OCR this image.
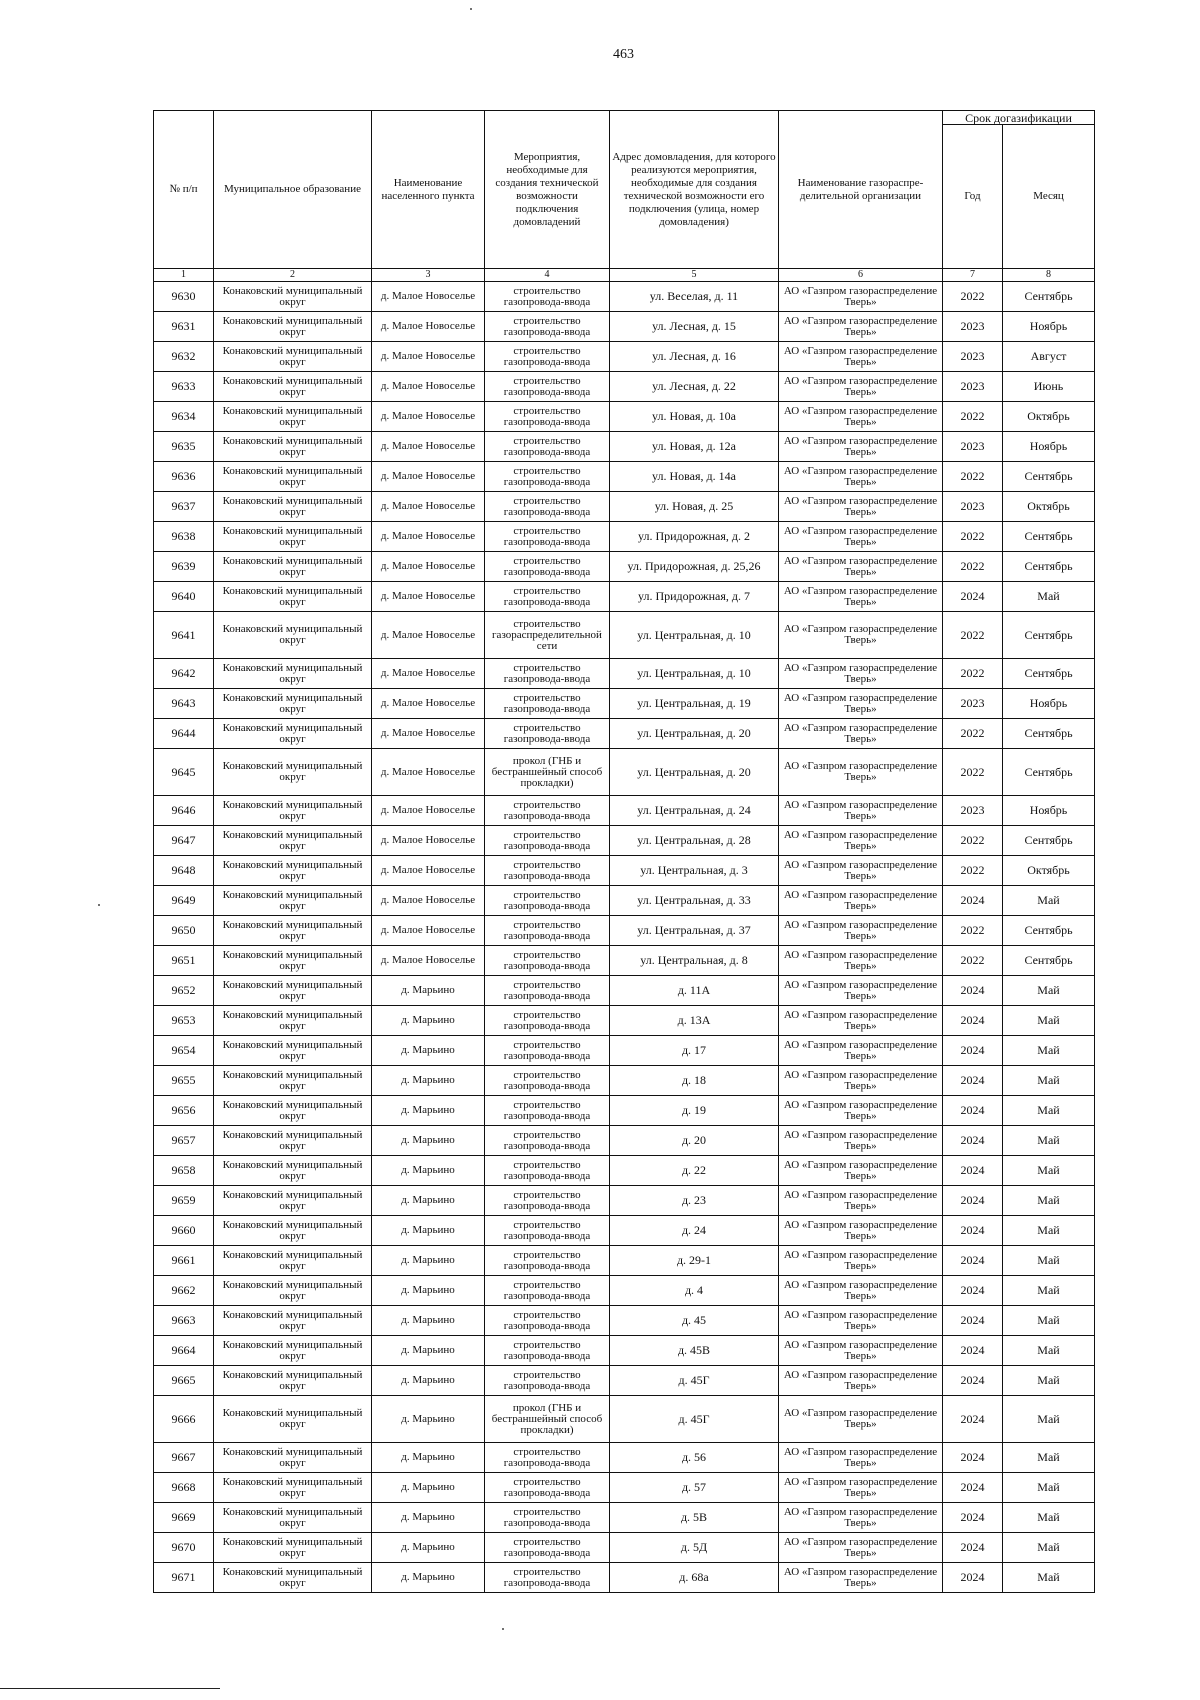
463
№ п/п	Муниципальное образование	Наименование населенного пункта	Мероприятия, необходимые для создания технической возможности подключения домовладений	Адрес домовладения, для которого реализуются мероприятия, необходимые для создания технической возможности его подключения (улица, номер домовладения)	Наименование газораспре-делительной организации	Срок догазификации	
						Год	Месяц
1	2	3	4	5	6	7	8
9630	Конаковский муниципальный округ	д. Малое Новоселье	строительство газопровода-ввода	ул. Веселая, д. 11	АО «Газпром газораспределение Тверь»	2022	Сентябрь
9631	Конаковский муниципальный округ	д. Малое Новоселье	строительство газопровода-ввода	ул. Лесная, д. 15	АО «Газпром газораспределение Тверь»	2023	Ноябрь
9632	Конаковский муниципальный округ	д. Малое Новоселье	строительство газопровода-ввода	ул. Лесная, д. 16	АО «Газпром газораспределение Тверь»	2023	Август
9633	Конаковский муниципальный округ	д. Малое Новоселье	строительство газопровода-ввода	ул. Лесная, д. 22	АО «Газпром газораспределение Тверь»	2023	Июнь
9634	Конаковский муниципальный округ	д. Малое Новоселье	строительство газопровода-ввода	ул. Новая, д. 10а	АО «Газпром газораспределение Тверь»	2022	Октябрь
9635	Конаковский муниципальный округ	д. Малое Новоселье	строительство газопровода-ввода	ул. Новая, д. 12а	АО «Газпром газораспределение Тверь»	2023	Ноябрь
9636	Конаковский муниципальный округ	д. Малое Новоселье	строительство газопровода-ввода	ул. Новая, д. 14а	АО «Газпром газораспределение Тверь»	2022	Сентябрь
9637	Конаковский муниципальный округ	д. Малое Новоселье	строительство газопровода-ввода	ул. Новая, д. 25	АО «Газпром газораспределение Тверь»	2023	Октябрь
9638	Конаковский муниципальный округ	д. Малое Новоселье	строительство газопровода-ввода	ул. Придорожная, д. 2	АО «Газпром газораспределение Тверь»	2022	Сентябрь
9639	Конаковский муниципальный округ	д. Малое Новоселье	строительство газопровода-ввода	ул. Придорожная, д. 25,26	АО «Газпром газораспределение Тверь»	2022	Сентябрь
9640	Конаковский муниципальный округ	д. Малое Новоселье	строительство газопровода-ввода	ул. Придорожная, д. 7	АО «Газпром газораспределение Тверь»	2024	Май
9641	Конаковский муниципальный округ	д. Малое Новоселье	строительство газораспределительной сети	ул. Центральная, д. 10	АО «Газпром газораспределение Тверь»	2022	Сентябрь
9642	Конаковский муниципальный округ	д. Малое Новоселье	строительство газопровода-ввода	ул. Центральная, д. 10	АО «Газпром газораспределение Тверь»	2022	Сентябрь
9643	Конаковский муниципальный округ	д. Малое Новоселье	строительство газопровода-ввода	ул. Центральная, д. 19	АО «Газпром газораспределение Тверь»	2023	Ноябрь
9644	Конаковский муниципальный округ	д. Малое Новоселье	строительство газопровода-ввода	ул. Центральная, д. 20	АО «Газпром газораспределение Тверь»	2022	Сентябрь
9645	Конаковский муниципальный округ	д. Малое Новоселье	прокол (ГНБ и бестраншейный способ прокладки)	ул. Центральная, д. 20	АО «Газпром газораспределение Тверь»	2022	Сентябрь
9646	Конаковский муниципальный округ	д. Малое Новоселье	строительство газопровода-ввода	ул. Центральная, д. 24	АО «Газпром газораспределение Тверь»	2023	Ноябрь
9647	Конаковский муниципальный округ	д. Малое Новоселье	строительство газопровода-ввода	ул. Центральная, д. 28	АО «Газпром газораспределение Тверь»	2022	Сентябрь
9648	Конаковский муниципальный округ	д. Малое Новоселье	строительство газопровода-ввода	ул. Центральная, д. 3	АО «Газпром газораспределение Тверь»	2022	Октябрь
9649	Конаковский муниципальный округ	д. Малое Новоселье	строительство газопровода-ввода	ул. Центральная, д. 33	АО «Газпром газораспределение Тверь»	2024	Май
9650	Конаковский муниципальный округ	д. Малое Новоселье	строительство газопровода-ввода	ул. Центральная, д. 37	АО «Газпром газораспределение Тверь»	2022	Сентябрь
9651	Конаковский муниципальный округ	д. Малое Новоселье	строительство газопровода-ввода	ул. Центральная, д. 8	АО «Газпром газораспределение Тверь»	2022	Сентябрь
9652	Конаковский муниципальный округ	д. Марьино	строительство газопровода-ввода	д. 11А	АО «Газпром газораспределение Тверь»	2024	Май
9653	Конаковский муниципальный округ	д. Марьино	строительство газопровода-ввода	д. 13А	АО «Газпром газораспределение Тверь»	2024	Май
9654	Конаковский муниципальный округ	д. Марьино	строительство газопровода-ввода	д. 17	АО «Газпром газораспределение Тверь»	2024	Май
9655	Конаковский муниципальный округ	д. Марьино	строительство газопровода-ввода	д. 18	АО «Газпром газораспределение Тверь»	2024	Май
9656	Конаковский муниципальный округ	д. Марьино	строительство газопровода-ввода	д. 19	АО «Газпром газораспределение Тверь»	2024	Май
9657	Конаковский муниципальный округ	д. Марьино	строительство газопровода-ввода	д. 20	АО «Газпром газораспределение Тверь»	2024	Май
9658	Конаковский муниципальный округ	д. Марьино	строительство газопровода-ввода	д. 22	АО «Газпром газораспределение Тверь»	2024	Май
9659	Конаковский муниципальный округ	д. Марьино	строительство газопровода-ввода	д. 23	АО «Газпром газораспределение Тверь»	2024	Май
9660	Конаковский муниципальный округ	д. Марьино	строительство газопровода-ввода	д. 24	АО «Газпром газораспределение Тверь»	2024	Май
9661	Конаковский муниципальный округ	д. Марьино	строительство газопровода-ввода	д. 29-1	АО «Газпром газораспределение Тверь»	2024	Май
9662	Конаковский муниципальный округ	д. Марьино	строительство газопровода-ввода	д. 4	АО «Газпром газораспределение Тверь»	2024	Май
9663	Конаковский муниципальный округ	д. Марьино	строительство газопровода-ввода	д. 45	АО «Газпром газораспределение Тверь»	2024	Май
9664	Конаковский муниципальный округ	д. Марьино	строительство газопровода-ввода	д. 45В	АО «Газпром газораспределение Тверь»	2024	Май
9665	Конаковский муниципальный округ	д. Марьино	строительство газопровода-ввода	д. 45Г	АО «Газпром газораспределение Тверь»	2024	Май
9666	Конаковский муниципальный округ	д. Марьино	прокол (ГНБ и бестраншейный способ прокладки)	д. 45Г	АО «Газпром газораспределение Тверь»	2024	Май
9667	Конаковский муниципальный округ	д. Марьино	строительство газопровода-ввода	д. 56	АО «Газпром газораспределение Тверь»	2024	Май
9668	Конаковский муниципальный округ	д. Марьино	строительство газопровода-ввода	д. 57	АО «Газпром газораспределение Тверь»	2024	Май
9669	Конаковский муниципальный округ	д. Марьино	строительство газопровода-ввода	д. 5В	АО «Газпром газораспределение Тверь»	2024	Май
9670	Конаковский муниципальный округ	д. Марьино	строительство газопровода-ввода	д. 5Д	АО «Газпром газораспределение Тверь»	2024	Май
9671	Конаковский муниципальный округ	д. Марьино	строительство газопровода-ввода	д. 68а	АО «Газпром газораспределение Тверь»	2024	Май
